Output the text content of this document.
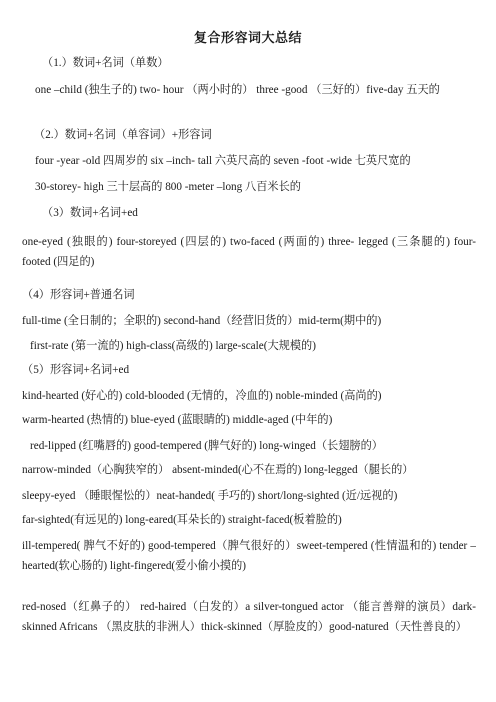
复合形容词大总结
（1.）数词+名词（单数）
one –child (独生子的) two- hour （两小时的） three -good （三好的）five-day 五天的
（2.）数词+名词（单容词）+形容词
four -year -old 四周岁的 six –inch- tall 六英尺高的 seven -foot -wide 七英尺宽的
30-storey- high 三十层高的 800 -meter –long 八百米长的
（3）数词+名词+ed
one-eyed (独眼的) four-storeyed (四层的) two-faced (两面的) three- legged (三条腿的) four- footed (四足的)
（4）形容词+普通名词
full-time (全日制的；全职的) second-hand（经营旧货的）mid-term(期中的)
first-rate (第一流的) high-class(高级的) large-scale(大规模的)
（5）形容词+名词+ed
kind-hearted (好心的) cold-blooded (无情的，冷血的) noble-minded (高尚的)
warm-hearted (热情的) blue-eyed (蓝眼睛的) middle-aged (中年的)
red-lipped (红嘴唇的) good-tempered (脾气好的) long-winged（长翅膀的）
narrow-minded（心胸狭窄的） absent-minded(心不在焉的) long-legged（腿长的）
sleepy-eyed （睡眼惺忪的）neat-handed( 手巧的) short/long-sighted (近/远视的)
far-sighted(有远见的) long-eared(耳朵长的) straight-faced(板着脸的)
ill-tempered( 脾气不好的) good-tempered（脾气很好的）sweet-tempered (性情温和的) tender –hearted(软心肠的) light-fingered(爱小偷小摸的)
red-nosed（红鼻子的） red-haired（白发的）a silver-tongued actor （能言善辩的演员）dark-skinned Africans （黑皮肤的非洲人）thick-skinned（厚脸皮的）good-natured（天性善良的）
